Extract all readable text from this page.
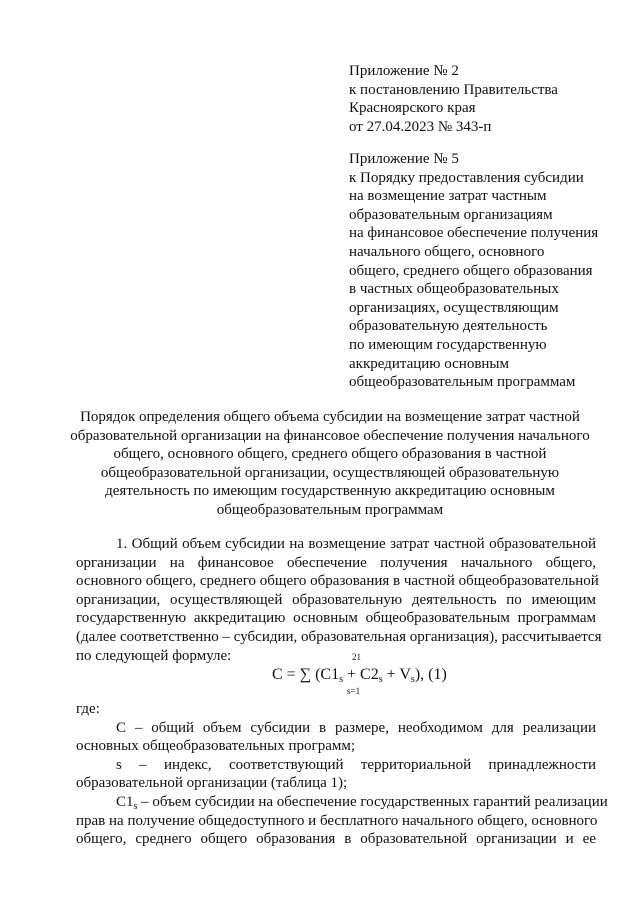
Приложение № 2
к постановлению Правительства
Красноярского края
от 27.04.2023 № 343-п
Приложение № 5
к Порядку предоставления субсидии
на возмещение затрат частным
образовательным организациям
на финансовое обеспечение получения
начального общего, основного
общего, среднего общего образования
в частных общеобразовательных
организациях, осуществляющим
образовательную деятельность
по имеющим государственную
аккредитацию основным
общеобразовательным программам
Порядок определения общего объема субсидии на возмещение затрат частной
образовательной организации на финансовое обеспечение получения начального
общего, основного общего, среднего общего образования в частной
общеобразовательной организации, осуществляющей образовательную
деятельность по имеющим государственную аккредитацию основным
общеобразовательным программам
1. Общий объем субсидии на возмещение затрат частной образовательной
организации на финансовое обеспечение получения начального общего,
основного общего, среднего общего образования в частной общеобразовательной
организации, осуществляющей образовательную деятельность по имеющим
государственную аккредитацию основным общеобразовательным программам
(далее соответственно – субсидии, образовательная организация), рассчитывается
по следующей формуле:	21
C = ∑ $(C1_s + C2_s + V_s)$, (1)
s=1
где:
C – общий объем субсидии в размере, необходимом для реализации
основных общеобразовательных программ;
s – индекс, соответствующий территориальной принадлежности
образовательной организации (таблица 1);
$C1_s$ – объем субсидии на обеспечение государственных гарантий реализации
прав на получение общедоступного и бесплатного начального общего, основного
общего, среднего общего образования в образовательной организации и ее
